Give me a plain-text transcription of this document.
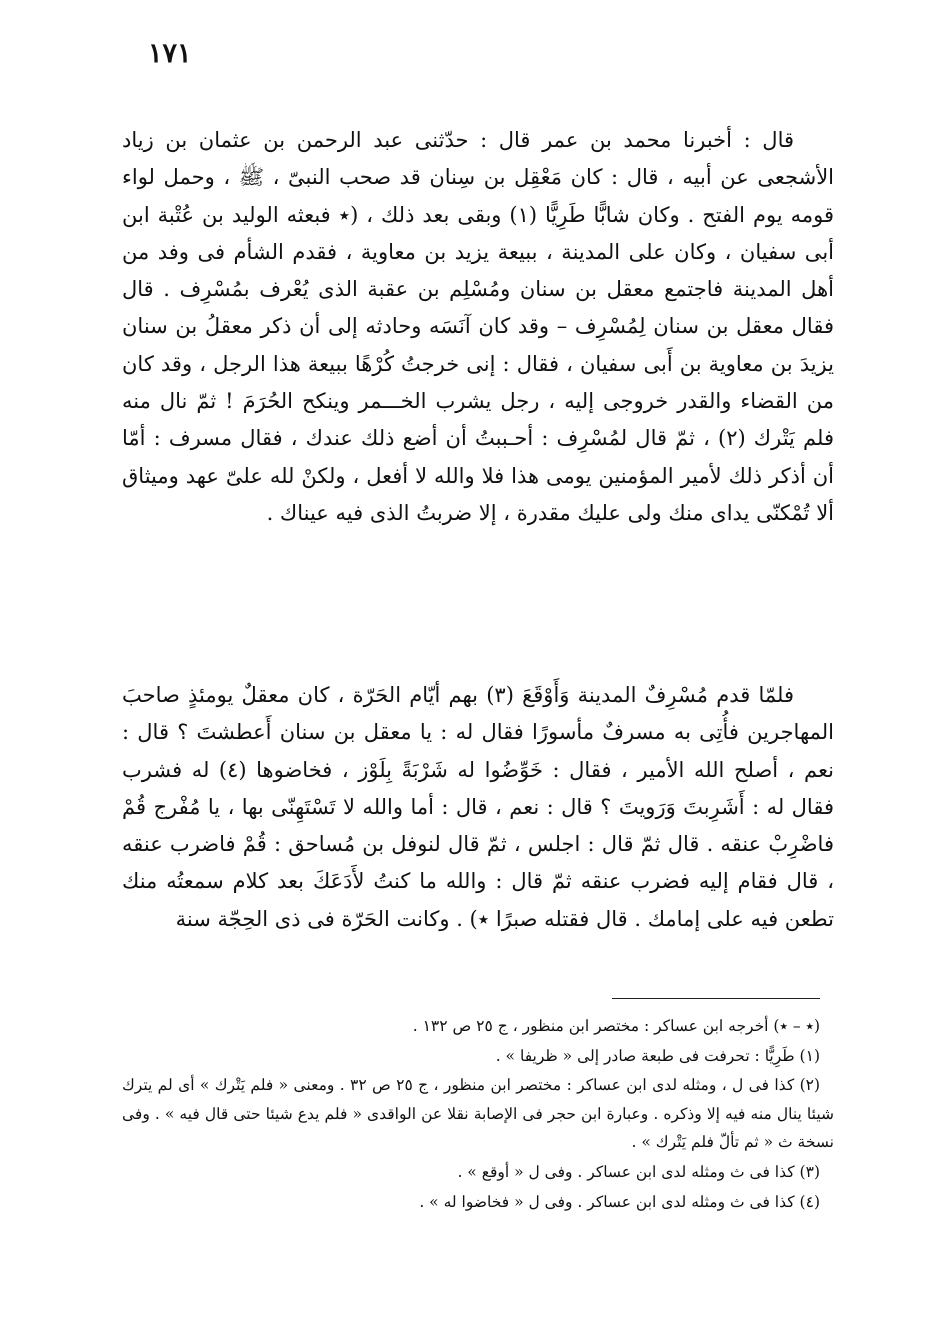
١٧١
قال : أخبرنا محمد بن عمر قال : حدّثنى عبد الرحمن بن عثمان بن زياد الأشجعى عن أبيه ، قال : كان مَعْقِل بن سِنان قد صحب النبىّ ، ﷺ ، وحمل لواء قومه يوم الفتح . وكان شابًّا طَرِيًّا (١) وبقى بعد ذلك ، (٭ فبعثه الوليد بن عُتْبة ابن أبى سفيان ، وكان على المدينة ، ببيعة يزيد بن معاوية ، فقدم الشأم فى وفد من أهل المدينة فاجتمع معقل بن سنان ومُسْلِم بن عقبة الذى يُعْرف بمُسْرِف . قال فقال معقل بن سنان لِمُسْرِف – وقد كان آنَسَه وحادثه إلى أن ذكر معقلُ بن سنان يزيدَ بن معاوية بن أَبى سفيان ، فقال : إنى خرجتُ كُرْهًا ببيعة هذا الرجل ، وقد كان من القضاء والقدر خروجى إليه ، رجل يشرب الخـــمر وينكح الحُرَمَ ! ثمّ نال منه فلم يَتْرك (٢) ، ثمّ قال لمُسْرِف : أحـببتُ أن أضع ذلك عندك ، فقال مسرف : أمّا أن أذكر ذلك لأمير المؤمنين يومى هذا فلا والله لا أفعل ، ولكنْ لله علىّ عهد وميثاق ألا تُمْكنّى يداى منك ولى عليك مقدرة ، إلا ضربتُ الذى فيه عيناك .
فلمّا قدم مُسْرِفٌ المدينة وَأَوْقَعَ (٣) بهم أيّام الحَرّة ، كان معقلٌ يومئذٍ صاحبَ المهاجرين فأُتِى به مسرفٌ مأسورًا فقال له : يا معقل بن سنان أَعطشتَ ؟ قال : نعم ، أصلح الله الأمير ، فقال : خَوِّضُوا له شَرْبَةً بِلَوْز ، فخاضوها (٤) له فشرب فقال له : أَشَرِبتَ وَرَويتَ ؟ قال : نعم ، قال : أما والله لا تَسْتَهِنّى بها ، يا مُفْرج قُمْ فاضْرِبْ عنقه . قال ثمّ قال : اجلس ، ثمّ قال لنوفل بن مُساحق : قُمْ فاضرب عنقه ، قال فقام إليه فضرب عنقه ثمّ قال : والله ما كنتُ لأَدَعَكَ بعد كلام سمعتُه منك تطعن فيه على إمامك . قال فقتله صبرًا ٭) . وكانت الحَرّة فى ذى الحِجّة سنة

(٭ – ٭) أخرجه ابن عساكر : مختصر ابن منظور ، ج ٢٥ ص ١٣٢ .

(١) طَرِيًّا : تحرفت فى طبعة صادر إلى « ظريفا » .

(٢) كذا فى ل ، ومثله لدى ابن عساكر : مختصر ابن منظور ، ج ٢٥ ص ٣٢ . ومعنى « فلم يَتْرك » أى لم يترك شيئا ينال منه فيه إلا وذكره . وعبارة ابن حجر فى الإصابة نقلا عن الواقدى « فلم يدع شيئا حتى قال فيه » . وفى نسخة ث « ثم تألّ فلم يَتْرك » .

(٣) كذا فى ث ومثله لدى ابن عساكر . وفى ل « أوقع » .

(٤) كذا فى ث ومثله لدى ابن عساكر . وفى ل « فخاضوا له » .
